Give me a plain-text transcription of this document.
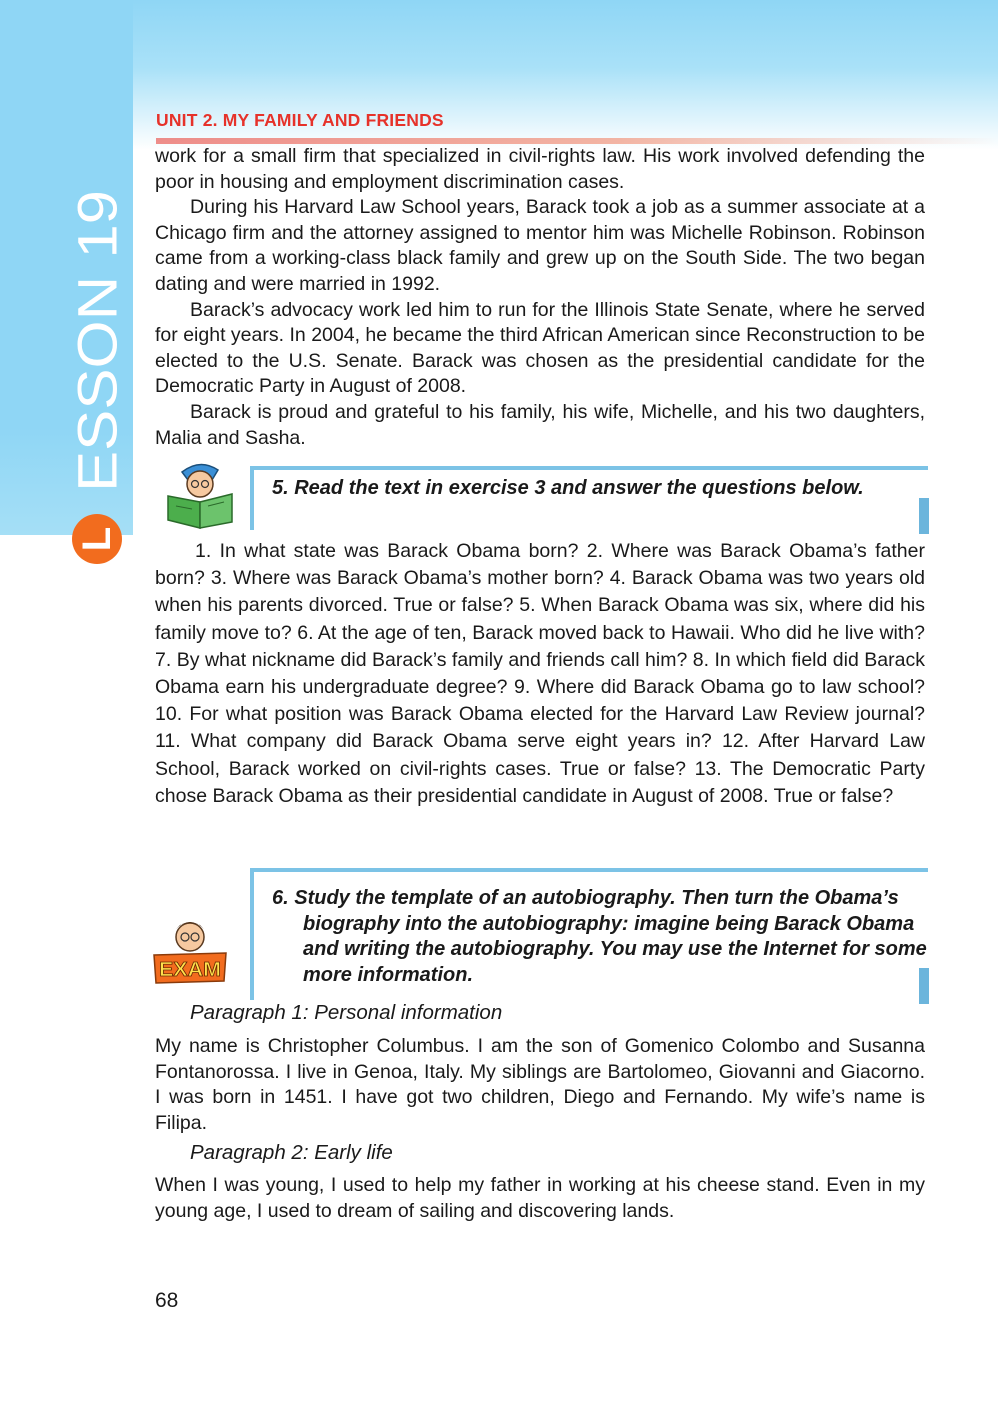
L
ESSON 19
UNIT 2. MY FAMILY AND FRIENDS

work for a small firm that specialized in civil-rights law. His work involved defending the poor in housing and employment discrimination cases.

During his Harvard Law School years, Barack took a job as a summer associate at a Chicago firm and the attorney assigned to mentor him was Michelle Robinson. Robinson came from a working-class black family and grew up on the South Side. The two began dating and were married in 1992.

Barack’s advocacy work led him to run for the Illinois State Senate, where he served for eight years. In 2004, he became the third African American since Reconstruction to be elected to the U.S. Senate. Barack was chosen as the presidential candidate for the Democratic Party in August of 2008.

Barack is proud and grateful to his family, his wife, Michelle, and his two daughters, Malia and Sasha.

5. Read the text in exercise 3 and answer the questions below.
1. In what state was Barack Obama born? 2. Where was Barack Obama’s father born? 3. Where was Barack Obama’s mother born? 4. Barack Obama was two years old when his parents divorced. True or false? 5. When Barack Obama was six, where did his family move to? 6. At the age of ten, Barack moved back to Hawaii. Who did he live with? 7. By what nickname did Barack’s family and friends call him? 8. In which field did Barack Obama earn his undergraduate degree? 9. Where did Barack Obama go to law school? 10. For what position was Barack Obama elected for the Harvard Law Review journal? 11. What company did Barack Obama serve eight years in? 12. After Harvard Law School, Barack worked on civil-rights cases. True or false? 13. The Democratic Party chose Barack Obama as their presidential candidate in August of 2008. True or false?
EXAM
6. Study the template of an autobiography. Then turn the Obama’s biography into the autobiography: imagine being Barack Obama and writing the autobiography. You may use the Internet for some more information.
Paragraph 1: Personal information

My name is Christopher Columbus. I am the son of Gomenico Colombo and Susanna Fontanorossa. I live in Genoa, Italy. My siblings are Bartolomeo, Giovanni and Giacorno. I was born in 1451. I have got two children, Diego and Fernando. My wife’s name is Filipa.

Paragraph 2: Early life

When I was young, I used to help my father in working at his cheese stand. Even in my young age, I used to dream of sailing and discovering lands.

68
